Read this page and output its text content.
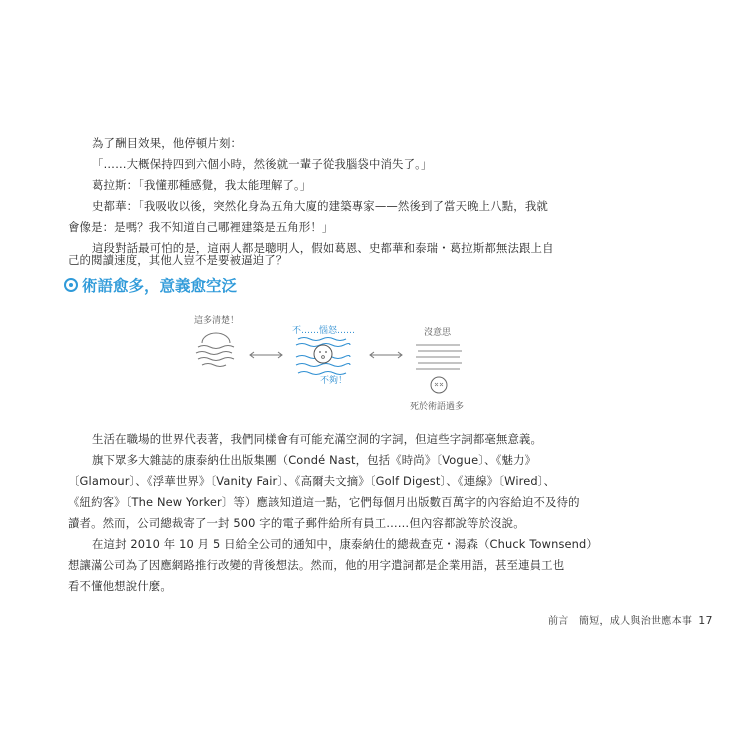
為了酬目效果，他停頓片刻：
「……大概保持四到六個小時，然後就一輩子從我腦袋中消失了。」
葛拉斯：「我懂那種感覺，我太能理解了。」
史都華：「我吸收以後，突然化身為五角大廈的建築專家——然後到了當天晚上八點，我就
會像是：是嗎？我不知道自己哪裡建築是五角形！」
這段對話最可怕的是，這兩人都是聰明人，假如葛恩、史都華和泰瑞・葛拉斯都無法跟上自
己的閱讀速度，其他人豈不是要被逼迫了？
術語愈多，意義愈空泛
這多清楚！
不……惱怒……
不夠！
沒意思
死於術語過多
生活在職場的世界代表著，我們同樣會有可能充滿空洞的字詞，但這些字詞都毫無意義。
旗下眾多大雜誌的康泰納仕出版集團（Condé Nast，包括《時尚》〔Vogue〕、《魅力》
〔Glamour〕、《浮華世界》〔Vanity Fair〕、《高爾夫文摘》〔Golf Digest〕、《連線》〔Wired〕、
《紐約客》〔The New Yorker〕等）應該知道這一點，它們每個月出版數百萬字的內容給迫不及待的
讀者。然而，公司總裁寄了一封 500 字的電子郵件給所有員工……但內容都說等於沒說。
在這封 2010 年 10 月 5 日給全公司的通知中，康泰納仕的總裁查克・湯森（Chuck Townsend）
想讓滿公司為了因應網路推行改變的背後想法。然而，他的用字遣詞都是企業用語，甚至連員工也
看不懂他想說什麼。
前言　簡短，成人與治世應本事 17
